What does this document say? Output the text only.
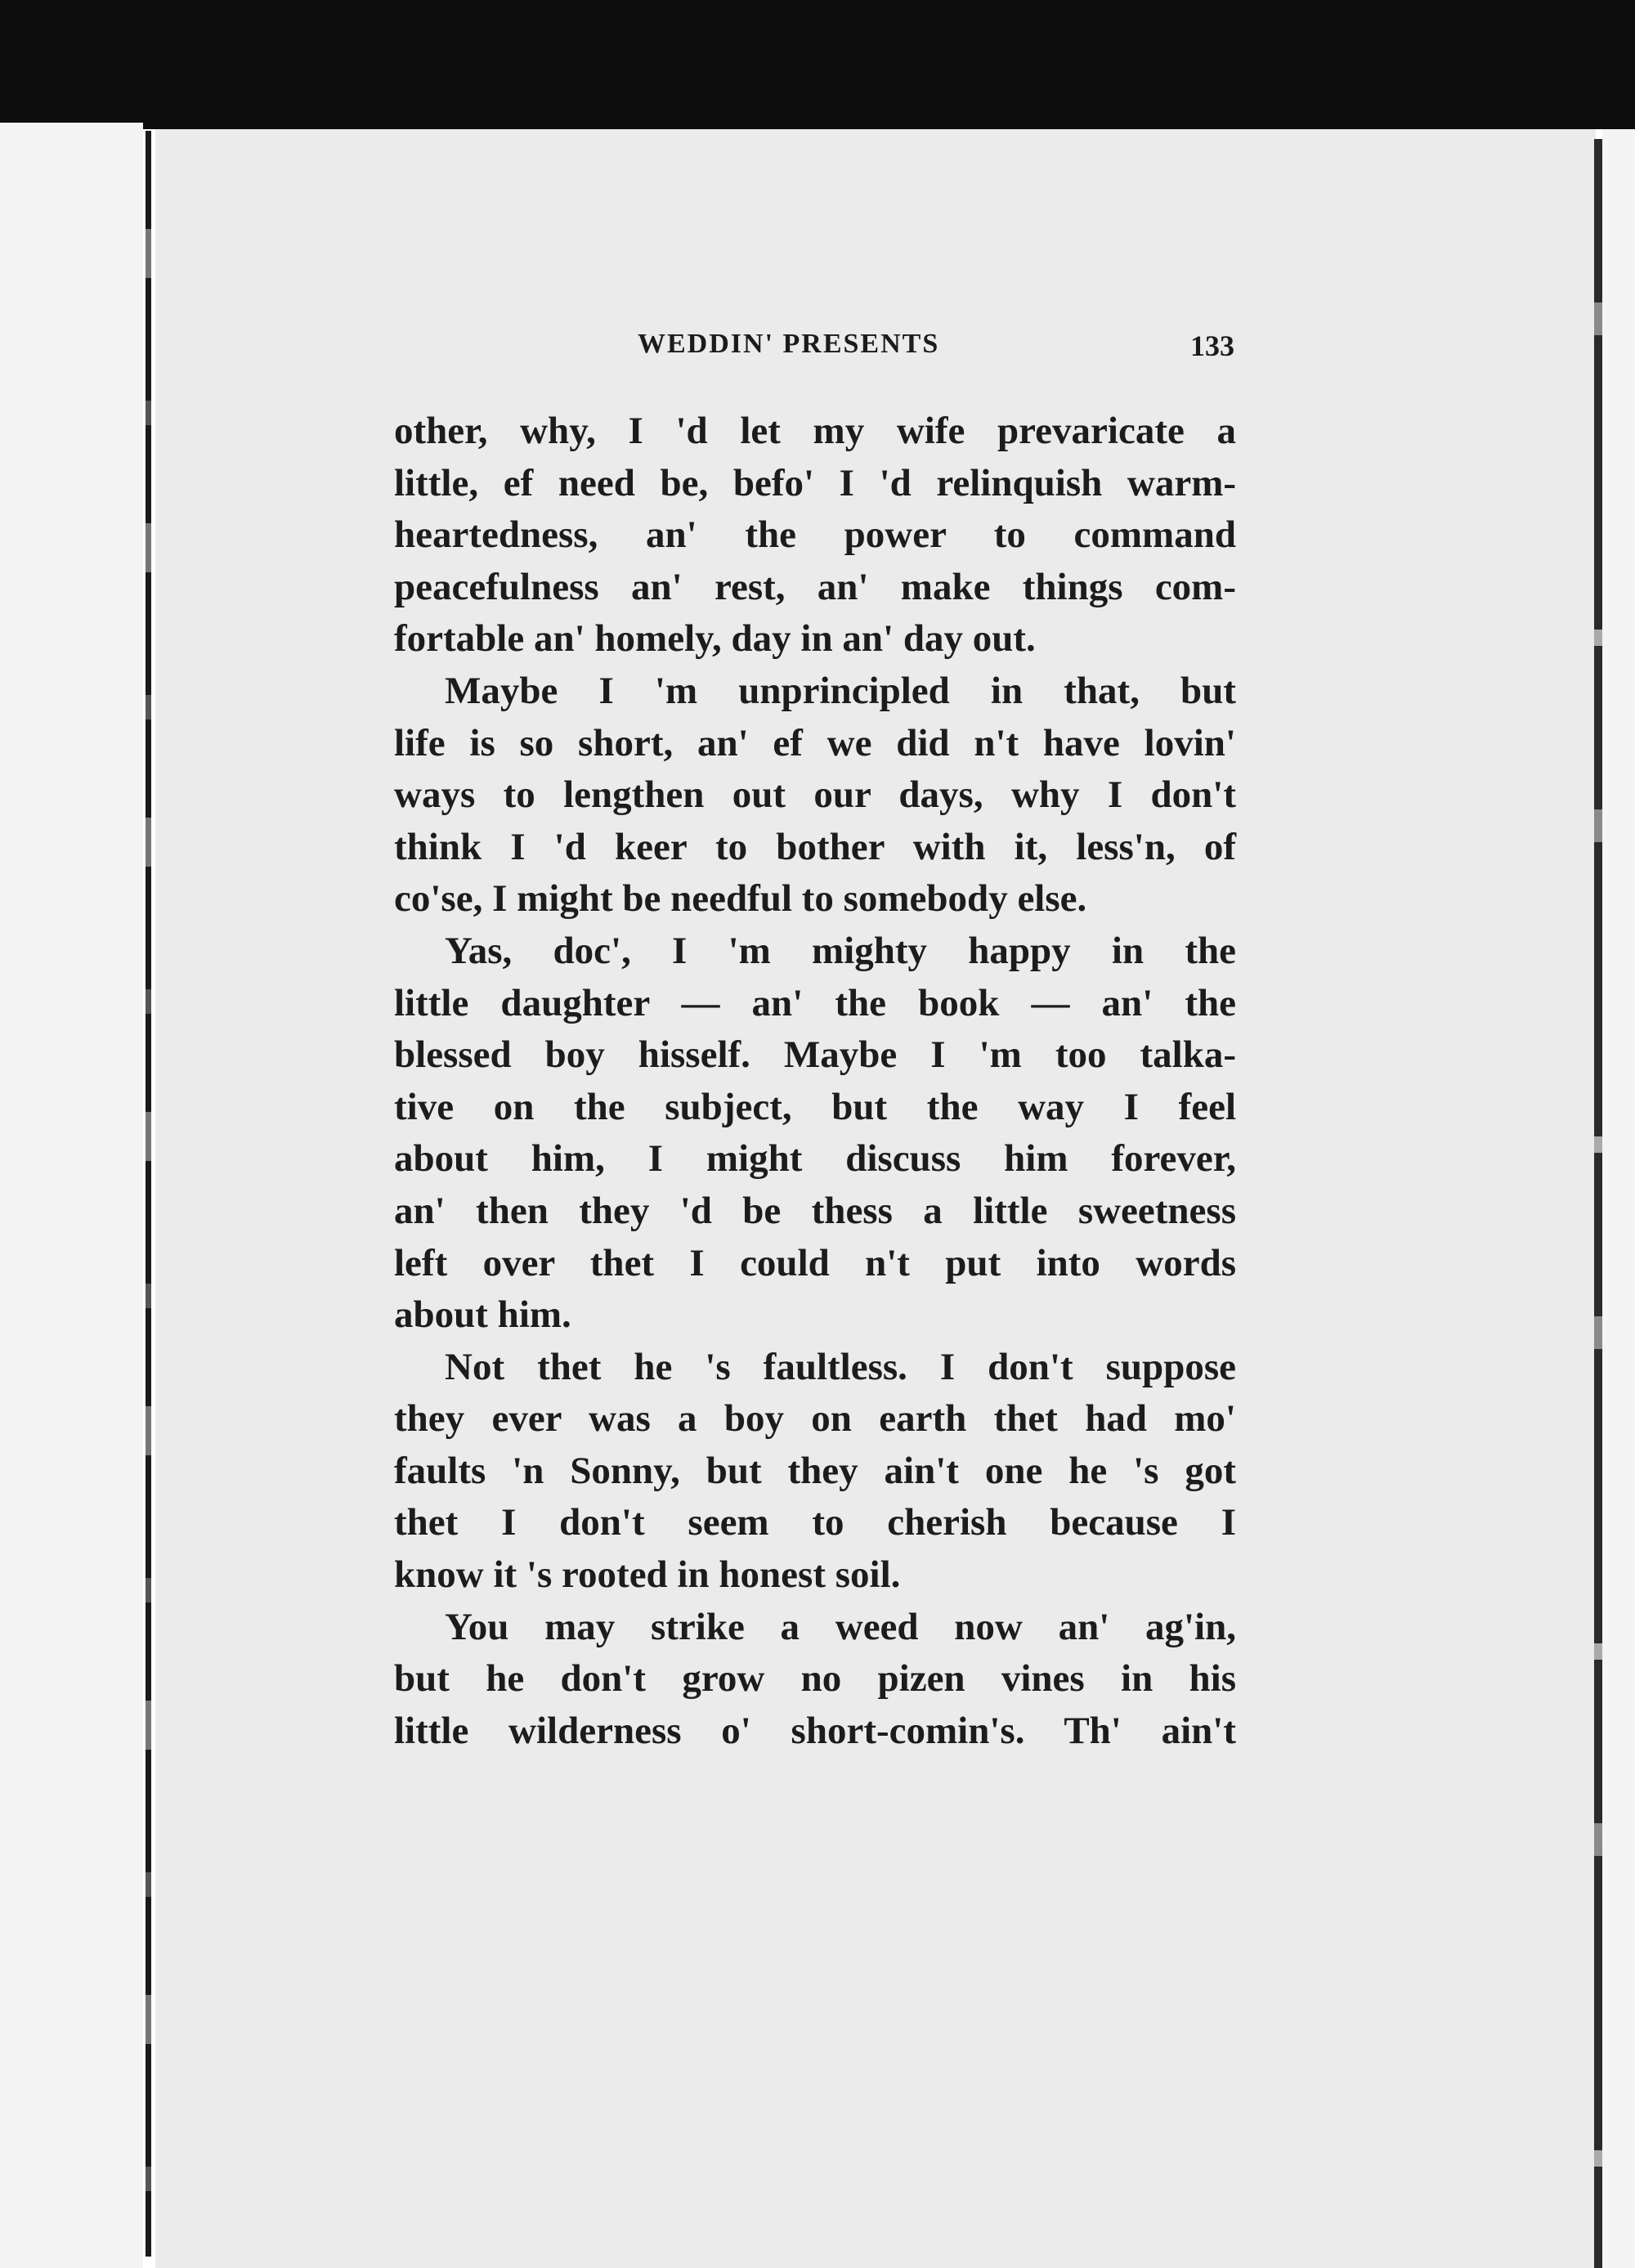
WEDDIN' PRESENTS	133
other, why, I 'd let my wife prevaricate a
little, ef need be, befo' I 'd relinquish warm-
heartedness, an' the power to command
peacefulness an' rest, an' make things com-
fortable an' homely, day in an' day out.
Maybe I 'm unprincipled in that, but
life is so short, an' ef we did n't have lovin'
ways to lengthen out our days, why I don't
think I 'd keer to bother with it, less'n, of
co'se, I might be needful to somebody else.
Yas, doc', I 'm mighty happy in the
little daughter — an' the book — an' the
blessed boy hisself. Maybe I 'm too talka-
tive on the subject, but the way I feel
about him, I might discuss him forever,
an' then they 'd be thess a little sweetness
left over thet I could n't put into words
about him.
Not thet he 's faultless. I don't suppose
they ever was a boy on earth thet had mo'
faults 'n Sonny, but they ain't one he 's got
thet I don't seem to cherish because I
know it 's rooted in honest soil.
You may strike a weed now an' ag'in,
but he don't grow no pizen vines in his
little wilderness o' short-comin's. Th' ain't
